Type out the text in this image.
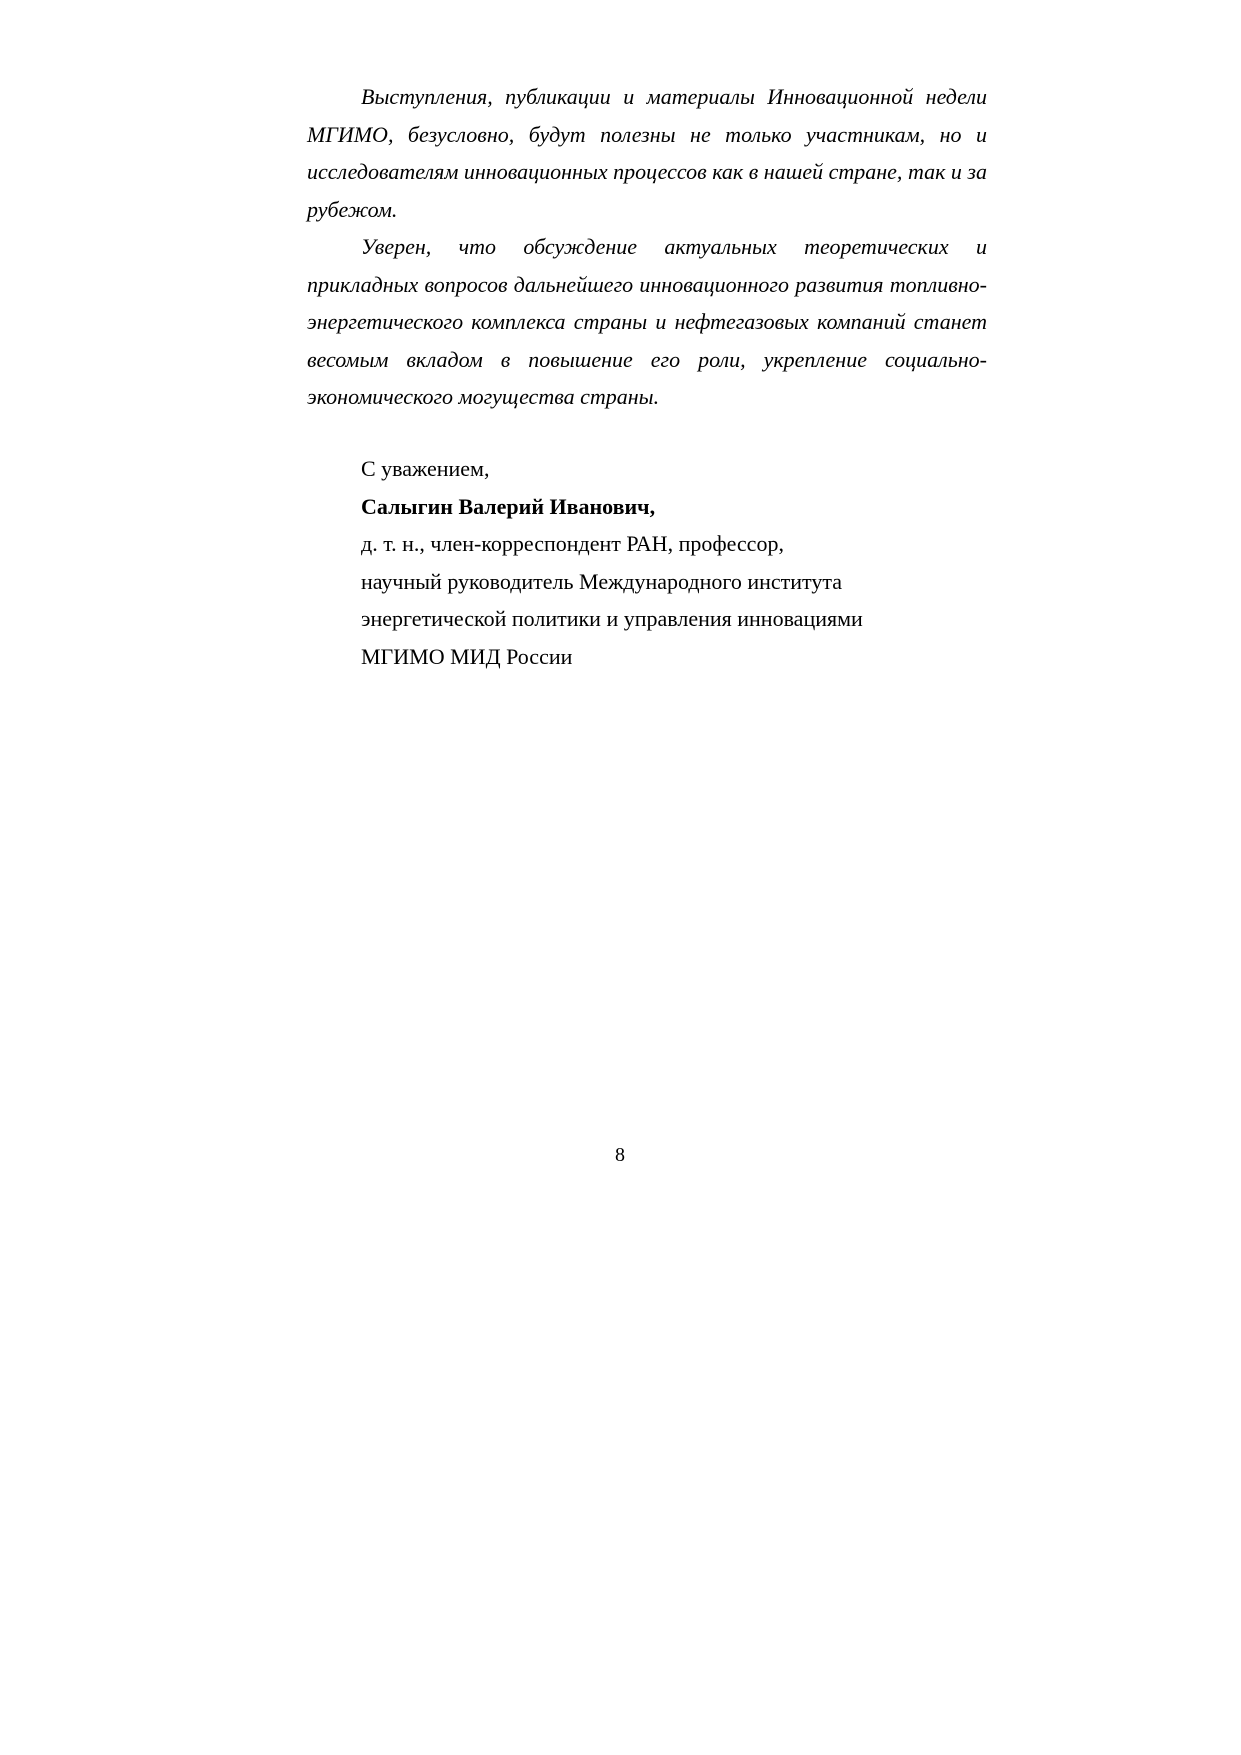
Выступления, публикации и материалы Инновационной недели МГИМО, безусловно, будут полезны не только участникам, но и исследователям инновационных процессов как в нашей стране, так и за рубежом.

Уверен, что обсуждение актуальных теоретических и прикладных вопросов дальнейшего инновационного развития топливно-энергетического комплекса страны и нефтегазовых компаний станет весомым вкладом в повышение его роли, укрепление социально-экономического могущества страны.

С уважением,

Салыгин Валерий Иванович,

д. т. н., член-корреспондент РАН, профессор,

научный руководитель Международного института

энергетической политики и управления инновациями

МГИМО МИД России

8
